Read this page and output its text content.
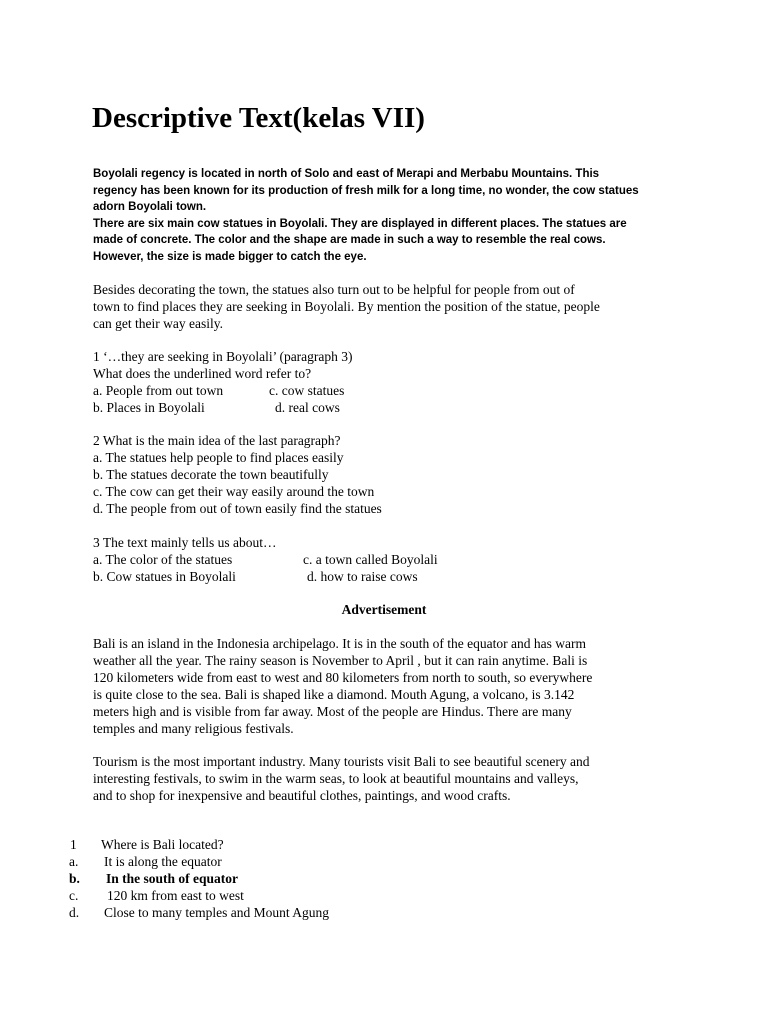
Descriptive Text(kelas VII)
Boyolali regency is located in north of Solo and east of Merapi and Merbabu Mountains. This
regency has been known for its production of fresh milk for a long time, no wonder, the cow statues
adorn Boyolali town.
There are six main cow statues in Boyolali. They are displayed in different places. The statues are
made of concrete. The color and the shape are made in such a way to resemble the real cows.
However, the size is made bigger to catch the eye.
Besides decorating the town, the statues also turn out to be helpful for people from out of
town to find places they are seeking in Boyolali. By mention the position of the statue, people
can get their way easily.
1 ‘…they are seeking in Boyolali’ (paragraph 3)
What does the underlined word refer to?
a. People from out town	c. cow statues
b. Places in Boyolali	d. real cows
2 What is the main idea of the last paragraph?
a. The statues help people to find places easily
b. The statues decorate the town beautifully
c. The cow can get their way easily around the town
d. The people from out of town easily find the statues
3 The text mainly tells us about…
a. The color of the statues	c. a town called Boyolali
b. Cow statues in Boyolali	d. how to raise cows
Advertisement
Bali is an island in the Indonesia archipelago. It is in the south of the equator and has warm
weather all the year. The rainy season is November to April , but it can rain anytime. Bali is
120 kilometers wide from east to west and 80 kilometers from north to south, so everywhere
is quite close to the sea. Bali is shaped like a diamond. Mouth Agung, a volcano, is 3.142
meters high and is visible from far away. Most of the people are Hindus. There are many
temples and many religious festivals.
Tourism is the most important industry. Many tourists visit Bali to see beautiful scenery and
interesting festivals, to swim in the warm seas, to look at beautiful mountains and valleys,
and to shop for inexpensive and beautiful clothes, paintings, and wood crafts.
1 Where is Bali located?
a. It is along the equator
b. In the south of equator
c. 120 km from east to west
d. Close to many temples and Mount Agung
